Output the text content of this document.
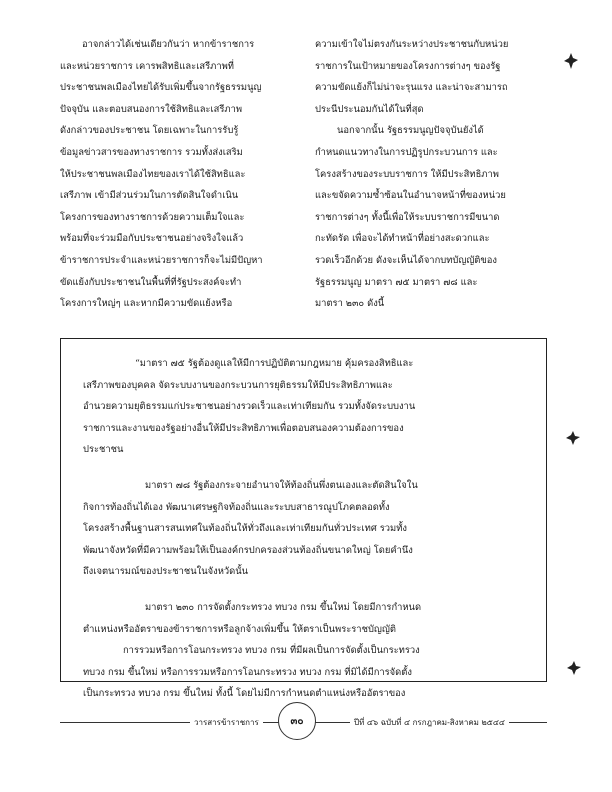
อาจกล่าวได้เช่นเดียวกันว่า หากข้าราชการ

และหน่วยราชการ เคารพสิทธิและเสรีภาพที่

ประชาชนพลเมืองไทยได้รับเพิ่มขึ้นจากรัฐธรรมนูญ

ปัจจุบัน และตอบสนองการใช้สิทธิและเสรีภาพ

ดังกล่าวของประชาชน โดยเฉพาะในการรับรู้

ข้อมูลข่าวสารของทางราชการ รวมทั้งส่งเสริม

ให้ประชาชนพลเมืองไทยของเราได้ใช้สิทธิและ

เสรีภาพ เข้ามีส่วนร่วมในการตัดสินใจดำเนิน

โครงการของทางราชการด้วยความเต็มใจและ

พร้อมที่จะร่วมมือกับประชาชนอย่างจริงใจแล้ว

ข้าราชการประจำและหน่วยราชการก็จะไม่มีปัญหา

ขัดแย้งกับประชาชนในพื้นที่ที่รัฐประสงค์จะทำ

โครงการใหญ่ๆ และหากมีความขัดแย้งหรือ

ความเข้าใจไม่ตรงกันระหว่างประชาชนกับหน่วย

ราชการในเป้าหมายของโครงการต่างๆ ของรัฐ

ความขัดแย้งก็ไม่น่าจะรุนแรง และน่าจะสามารถ

ประนีประนอมกันได้ในที่สุด

นอกจากนั้น รัฐธรรมนูญปัจจุบันยังได้

กำหนดแนวทางในการปฏิรูปกระบวนการ และ

โครงสร้างของระบบราชการ ให้มีประสิทธิภาพ

และขจัดความซ้ำซ้อนในอำนาจหน้าที่ของหน่วย

ราชการต่างๆ ทั้งนี้เพื่อให้ระบบราชการมีขนาด

กะทัดรัด เพื่อจะได้ทำหน้าที่อย่างสะดวกและ

รวดเร็วอีกด้วย ดังจะเห็นได้จากบทบัญญัติของ

รัฐธรรมนูญ มาตรา ๗๕ มาตรา ๗๘ และ

มาตรา ๒๓๐ ดังนี้

“มาตรา ๗๕ รัฐต้องดูแลให้มีการปฏิบัติตามกฎหมาย คุ้มครองสิทธิและ

เสรีภาพของบุคคล จัดระบบงานของกระบวนการยุติธรรมให้มีประสิทธิภาพและ

อำนวยความยุติธรรมแก่ประชาชนอย่างรวดเร็วและเท่าเทียมกัน รวมทั้งจัดระบบงาน

ราชการและงานของรัฐอย่างอื่นให้มีประสิทธิภาพเพื่อตอบสนองความต้องการของ

ประชาชน

มาตรา ๗๘ รัฐต้องกระจายอำนาจให้ท้องถิ่นพึ่งตนเองและตัดสินใจใน

กิจการท้องถิ่นได้เอง พัฒนาเศรษฐกิจท้องถิ่นและระบบสาธารณูปโภคตลอดทั้ง

โครงสร้างพื้นฐานสารสนเทศในท้องถิ่นให้ทั่วถึงและเท่าเทียมกันทั่วประเทศ รวมทั้ง

พัฒนาจังหวัดที่มีความพร้อมให้เป็นองค์กรปกครองส่วนท้องถิ่นขนาดใหญ่ โดยคำนึง

ถึงเจตนารมณ์ของประชาชนในจังหวัดนั้น

มาตรา ๒๓๐ การจัดตั้งกระทรวง ทบวง กรม ขึ้นใหม่ โดยมีการกำหนด

ตำแหน่งหรืออัตราของข้าราชการหรือลูกจ้างเพิ่มขึ้น ให้ตราเป็นพระราชบัญญัติ

การรวมหรือการโอนกระทรวง ทบวง กรม ที่มีผลเป็นการจัดตั้งเป็นกระทรวง

ทบวง กรม ขึ้นใหม่ หรือการรวมหรือการโอนกระทรวง ทบวง กรม ที่มิได้มีการจัดตั้ง

เป็นกระทรวง ทบวง กรม ขึ้นใหม่ ทั้งนี้ โดยไม่มีการกำหนดตำแหน่งหรืออัตราของ

วารสารข้าราชการ	๓๐	ปีที่ ๔๖ ฉบับที่ ๔ กรกฎาคม-สิงหาคม ๒๕๔๔
